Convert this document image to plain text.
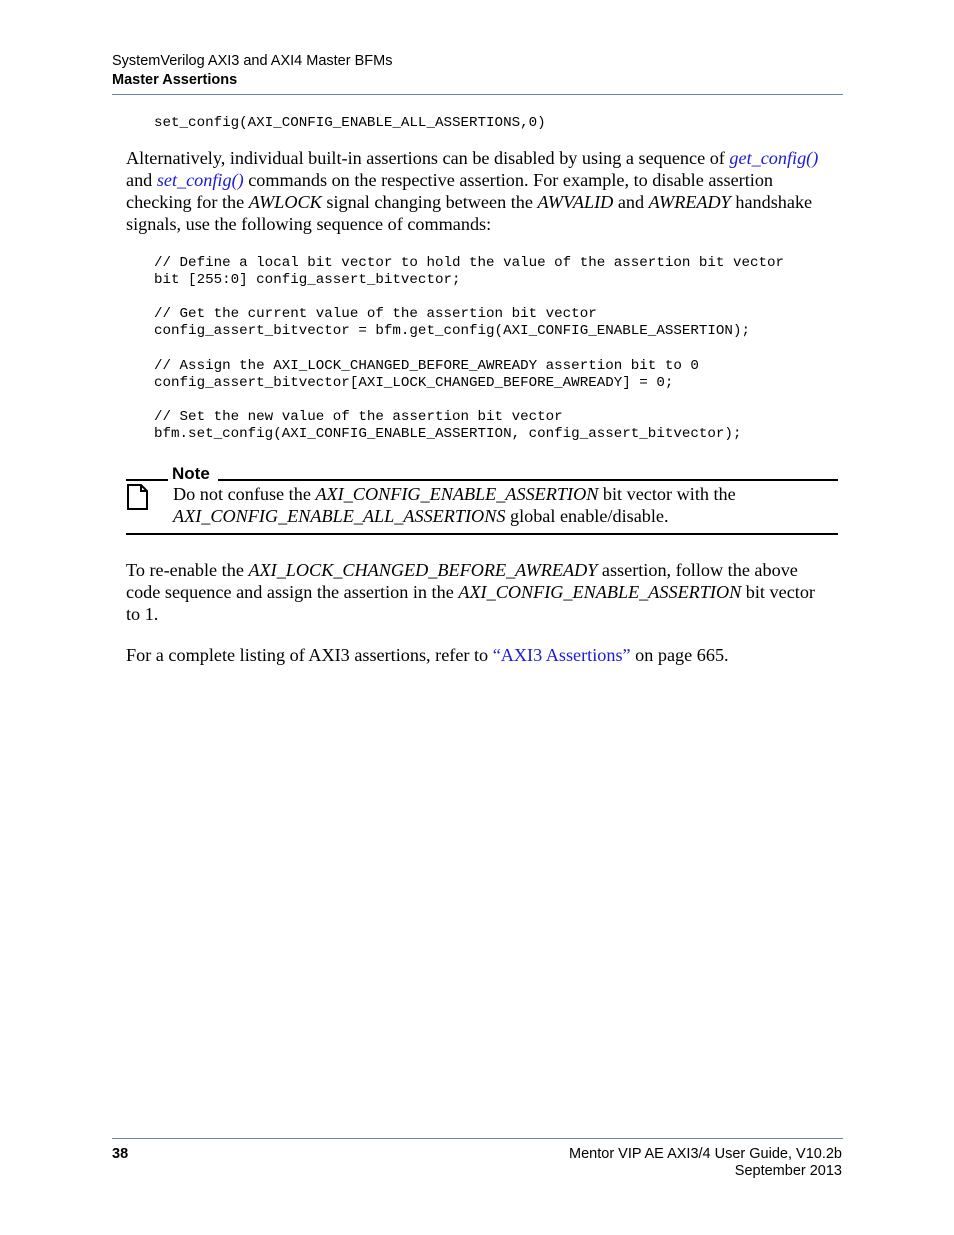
SystemVerilog AXI3 and AXI4 Master BFMs
Master Assertions
set_config(AXI_CONFIG_ENABLE_ALL_ASSERTIONS,0)
Alternatively, individual built-in assertions can be disabled by using a sequence of get_config()
and set_config() commands on the respective assertion. For example, to disable assertion
checking for the AWLOCK signal changing between the AWVALID and AWREADY handshake
signals, use the following sequence of commands:
// Define a local bit vector to hold the value of the assertion bit vector
bit [255:0] config_assert_bitvector;
// Get the current value of the assertion bit vector
config_assert_bitvector = bfm.get_config(AXI_CONFIG_ENABLE_ASSERTION);
// Assign the AXI_LOCK_CHANGED_BEFORE_AWREADY assertion bit to 0
config_assert_bitvector[AXI_LOCK_CHANGED_BEFORE_AWREADY] = 0;
// Set the new value of the assertion bit vector
bfm.set_config(AXI_CONFIG_ENABLE_ASSERTION, config_assert_bitvector);
Note
Do not confuse the AXI_CONFIG_ENABLE_ASSERTION bit vector with the
AXI_CONFIG_ENABLE_ALL_ASSERTIONS global enable/disable.
To re-enable the AXI_LOCK_CHANGED_BEFORE_AWREADY assertion, follow the above
code sequence and assign the assertion in the AXI_CONFIG_ENABLE_ASSERTION bit vector
to 1.
For a complete listing of AXI3 assertions, refer to “AXI3 Assertions” on page 665.
38	Mentor VIP AE AXI3/4 User Guide, V10.2b
September 2013
